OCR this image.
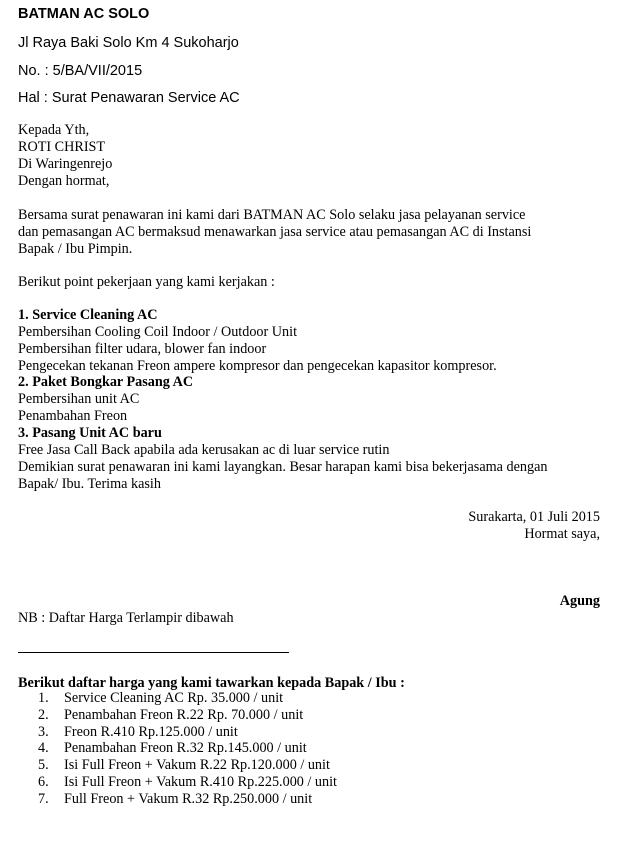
BATMAN AC SOLO
Jl Raya Baki Solo Km 4 Sukoharjo
No. : 5/BA/VII/2015
Hal : Surat Penawaran Service AC
Kepada Yth,
ROTI CHRIST
Di Waringenrejo
Dengan hormat,
Bersama surat penawaran ini kami dari BATMAN AC Solo selaku jasa pelayanan service
dan pemasangan AC bermaksud menawarkan jasa service atau pemasangan AC di Instansi
Bapak / Ibu Pimpin.
Berikut point pekerjaan yang kami kerjakan :
1. Service Cleaning AC
Pembersihan Cooling Coil Indoor / Outdoor Unit
Pembersihan filter udara, blower fan indoor
Pengecekan tekanan Freon ampere kompresor dan pengecekan kapasitor kompresor.
2. Paket Bongkar Pasang AC
Pembersihan unit AC
Penambahan Freon
3. Pasang Unit AC baru
Free Jasa Call Back apabila ada kerusakan ac di luar service rutin
Demikian surat penawaran ini kami layangkan. Besar harapan kami bisa bekerjasama dengan
Bapak/ Ibu. Terima kasih
Surakarta, 01 Juli 2015
Hormat saya,
Agung
NB : Daftar Harga Terlampir dibawah
Berikut daftar harga yang kami tawarkan kepada Bapak / Ibu :
1.	Service Cleaning AC Rp. 35.000 / unit
2.	Penambahan Freon R.22 Rp. 70.000 / unit
3.	Freon R.410 Rp.125.000 / unit
4.	Penambahan Freon R.32 Rp.145.000 / unit
5.	Isi Full Freon + Vakum R.22 Rp.120.000 / unit
6.	Isi Full Freon + Vakum R.410 Rp.225.000 / unit
7.	Full Freon + Vakum R.32 Rp.250.000 / unit
